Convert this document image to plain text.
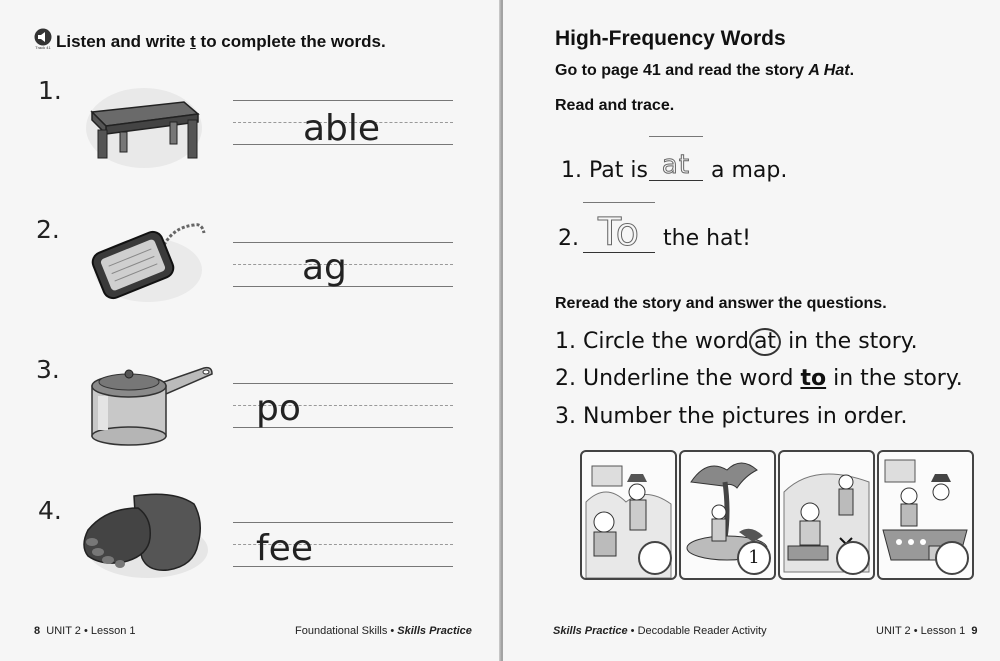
Track 41 Listen and write t to complete the words.
1.
able
2.
ag
3.
po
4.
fee
8 UNIT 2 • Lesson 1	Foundational Skills • Skills Practice
High-Frequency Words
Go to page 41 and read the story A Hat.
Read and trace.
1. Pat is at a map.
2. To	the hat!
Reread the story and answer the questions.
1. Circle the word at in the story.
2. Underline the word to in the story.
3. Number the pictures in order.
1
Skills Practice • Decodable Reader Activity	UNIT 2 • Lesson 1 9
